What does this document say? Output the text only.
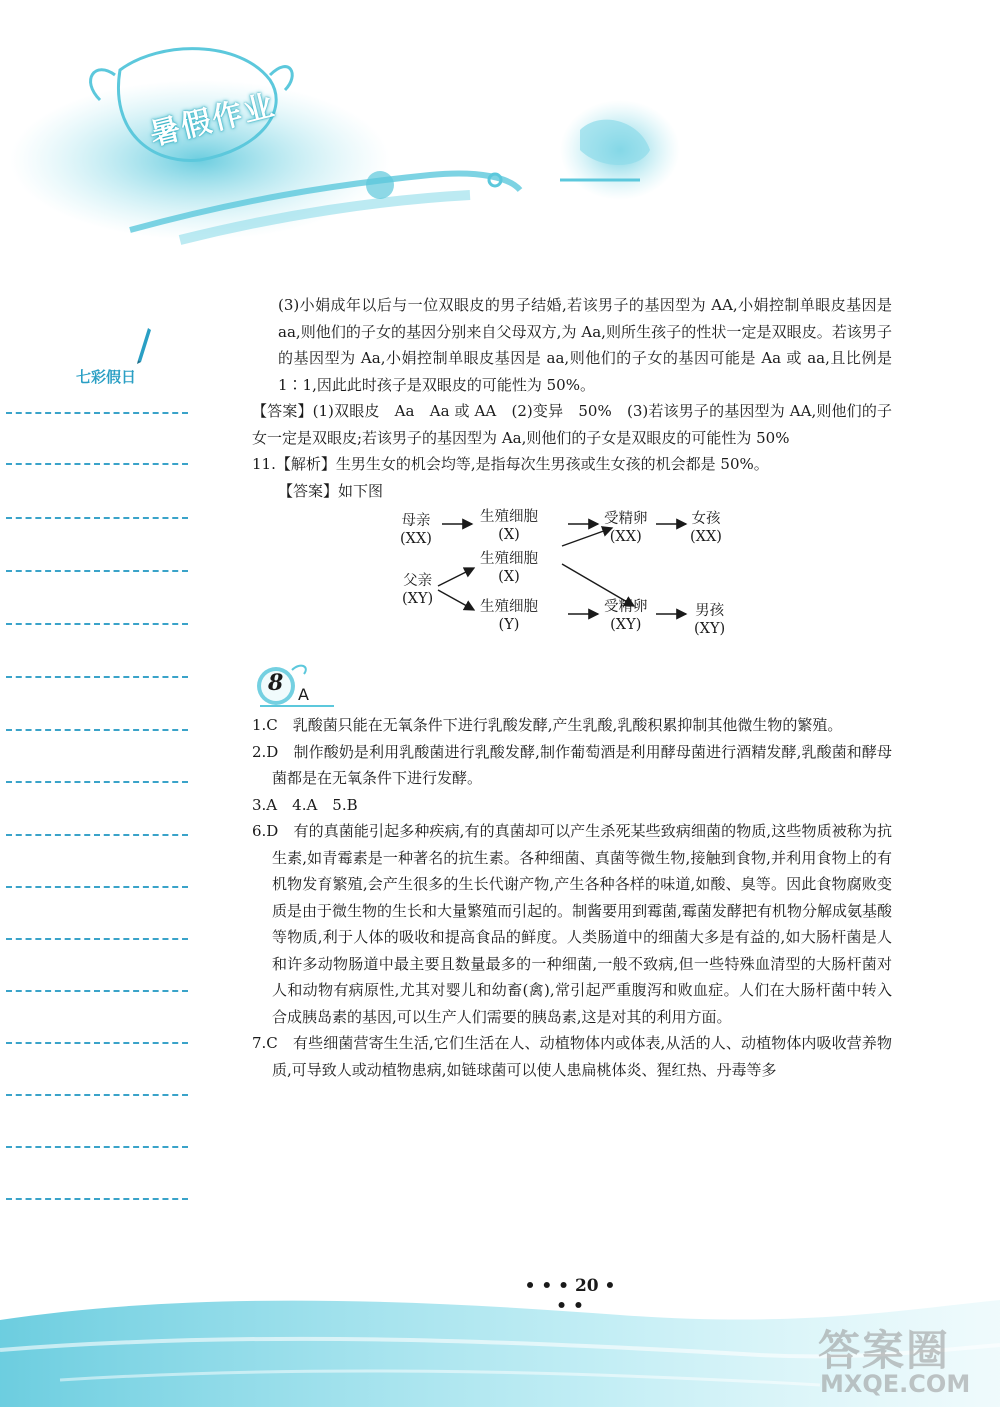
暑假作业
七彩假日

(3)小娟成年以后与一位双眼皮的男子结婚,若该男子的基因型为 AA,小娟控制单眼皮基因是 aa,则他们的子女的基因分别来自父母双方,为 Aa,则所生孩子的性状一定是双眼皮。若该男子的基因型为 Aa,小娟控制单眼皮基因是 aa,则他们的子女的基因可能是 Aa 或 aa,且比例是 1∶1,因此此时孩子是双眼皮的可能性为 50%。

【答案】(1)双眼皮　Aa　Aa 或 AA　(2)变异　50%　(3)若该男子的基因型为 AA,则他们的子女一定是双眼皮;若该男子的基因型为 Aa,则他们的子女是双眼皮的可能性为 50%

11.【解析】生男生女的机会均等,是指每次生男孩或生女孩的机会都是 50%。

【答案】如下图

母亲
(XX)
生殖细胞
(X)
受精卵
(XX)
女孩
(XX)
父亲
(XY)
生殖细胞
(X)
生殖细胞
(Y)
受精卵
(XY)
男孩
(XY)
8 A

1.C　乳酸菌只能在无氧条件下进行乳酸发酵,产生乳酸,乳酸积累抑制其他微生物的繁殖。

2.D　制作酸奶是利用乳酸菌进行乳酸发酵,制作葡萄酒是利用酵母菌进行酒精发酵,乳酸菌和酵母菌都是在无氧条件下进行发酵。

3.A　4.A　5.B

6.D　有的真菌能引起多种疾病,有的真菌却可以产生杀死某些致病细菌的物质,这些物质被称为抗生素,如青霉素是一种著名的抗生素。各种细菌、真菌等微生物,接触到食物,并利用食物上的有机物发育繁殖,会产生很多的生长代谢产物,产生各种各样的味道,如酸、臭等。因此食物腐败变质是由于微生物的生长和大量繁殖而引起的。制酱要用到霉菌,霉菌发酵把有机物分解成氨基酸等物质,利于人体的吸收和提高食品的鲜度。人类肠道中的细菌大多是有益的,如大肠杆菌是人和许多动物肠道中最主要且数量最多的一种细菌,一般不致病,但一些特殊血清型的大肠杆菌对人和动物有病原性,尤其对婴儿和幼畜(禽),常引起严重腹泻和败血症。人们在大肠杆菌中转入合成胰岛素的基因,可以生产人们需要的胰岛素,这是对其的利用方面。

7.C　有些细菌营寄生生活,它们生活在人、动植物体内或体表,从活的人、动植物体内吸收营养物质,可导致人或动植物患病,如链球菌可以使人患扁桃体炎、猩红热、丹毒等多

• • • 20 • • •
答案圈
MXQE.COM
